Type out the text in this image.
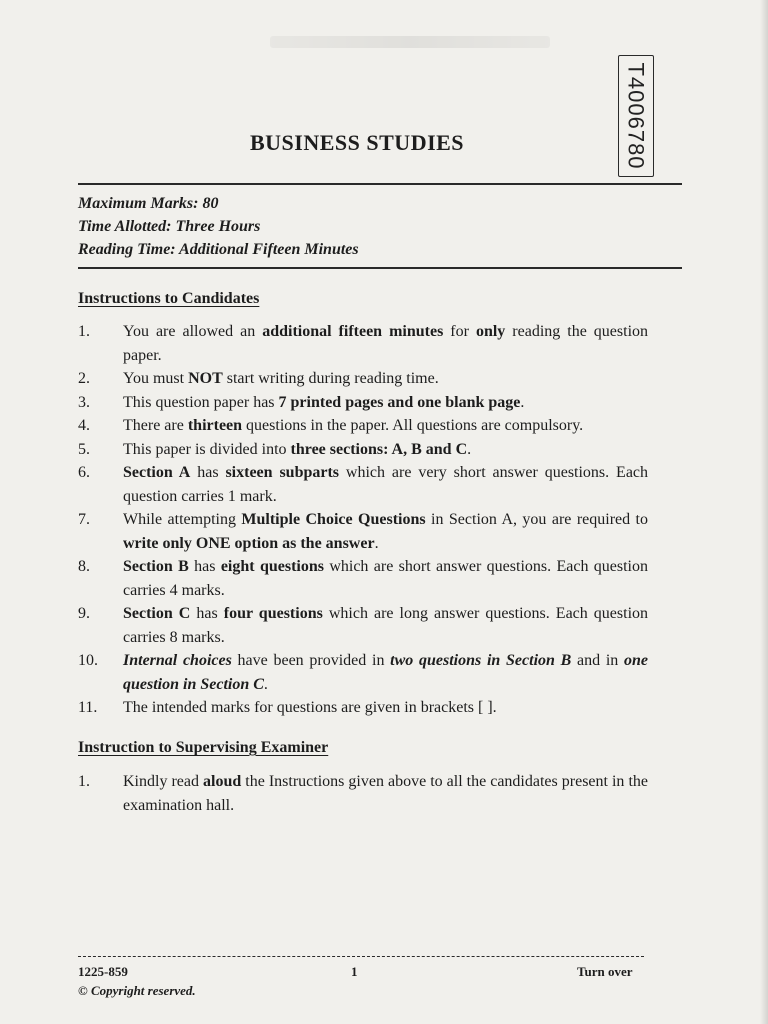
T4006780
BUSINESS STUDIES
Maximum Marks: 80
Time Allotted: Three Hours
Reading Time: Additional Fifteen Minutes
Instructions to Candidates
1.	You are allowed an additional fifteen minutes for only reading the question paper.
2.	You must NOT start writing during reading time.
3.	This question paper has 7 printed pages and one blank page.
4.	There are thirteen questions in the paper. All questions are compulsory.
5.	This paper is divided into three sections: A, B and C.
6.	Section A has sixteen subparts which are very short answer questions. Each question carries 1 mark.
7.	While attempting Multiple Choice Questions in Section A, you are required to write only ONE option as the answer.
8.	Section B has eight questions which are short answer questions. Each question carries 4 marks.
9.	Section C has four questions which are long answer questions. Each question carries 8 marks.
10.	Internal choices have been provided in two questions in Section B and in one question in Section C.
11.	The intended marks for questions are given in brackets [ ].
Instruction to Supervising Examiner
1.	Kindly read aloud the Instructions given above to all the candidates present in the examination hall.
1225-859
© Copyright reserved.
1	Turn over
